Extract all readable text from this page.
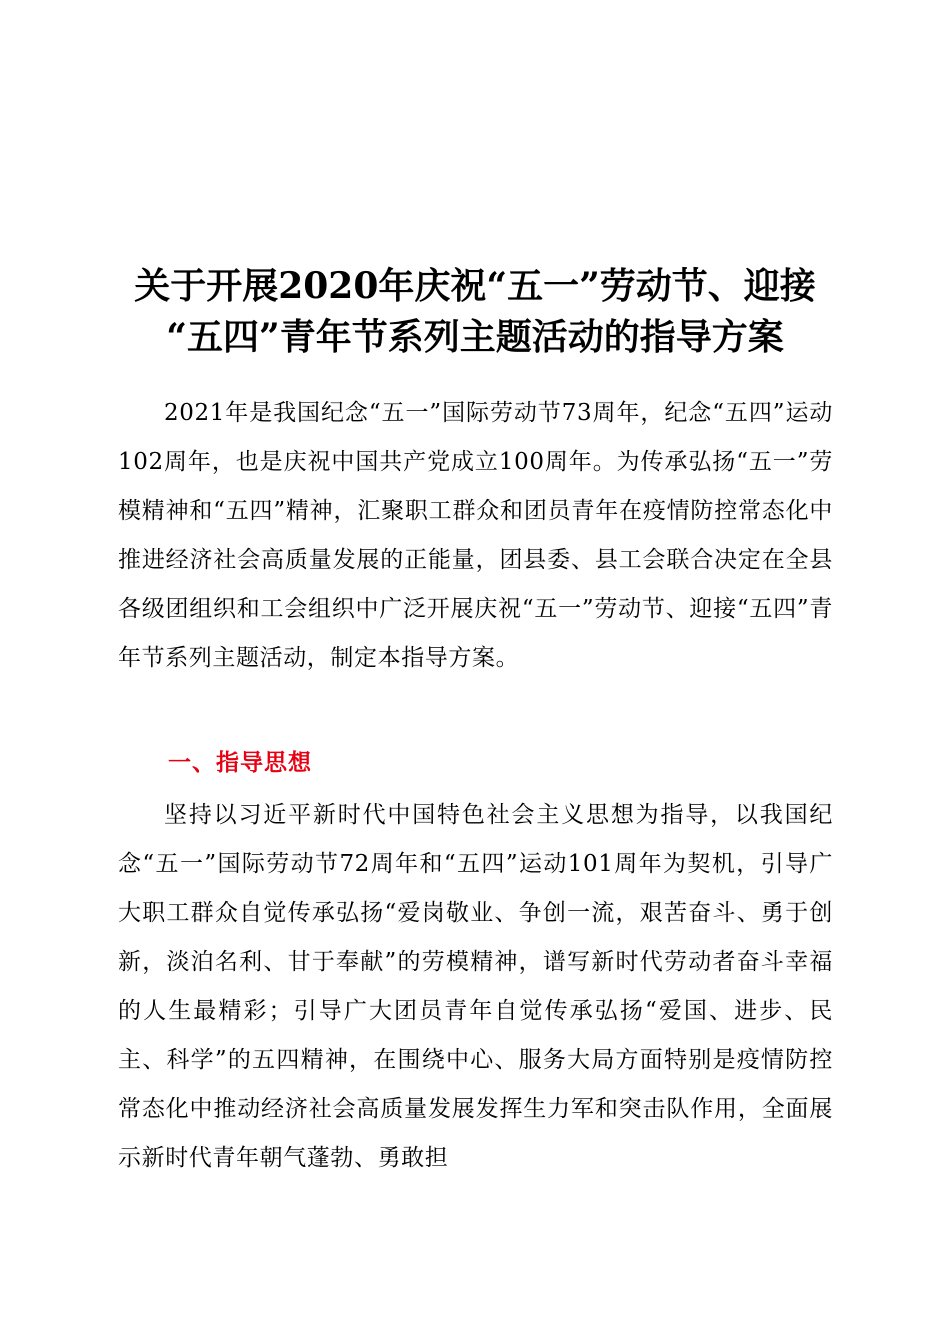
关于开展2020年庆祝“五一”劳动节、迎接
“五四”青年节系列主题活动的指导方案

2021年是我国纪念“五一”国际劳动节73周年，纪念“五四”运动102周年，也是庆祝中国共产党成立100周年。为传承弘扬“五一”劳模精神和“五四”精神，汇聚职工群众和团员青年在疫情防控常态化中推进经济社会高质量发展的正能量，团县委、县工会联合决定在全县各级团组织和工会组织中广泛开展庆祝“五一”劳动节、迎接“五四”青年节系列主题活动，制定本指导方案。

一、指导思想

坚持以习近平新时代中国特色社会主义思想为指导，以我国纪念“五一”国际劳动节72周年和“五四”运动101周年为契机，引导广大职工群众自觉传承弘扬“爱岗敬业、争创一流，艰苦奋斗、勇于创新，淡泊名利、甘于奉献”的劳模精神，谱写新时代劳动者奋斗幸福的人生最精彩；引导广大团员青年自觉传承弘扬“爱国、进步、民主、科学”的五四精神，在围绕中心、服务大局方面特别是疫情防控常态化中推动经济社会高质量发展发挥生力军和突击队作用，全面展示新时代青年朝气蓬勃、勇敢担
